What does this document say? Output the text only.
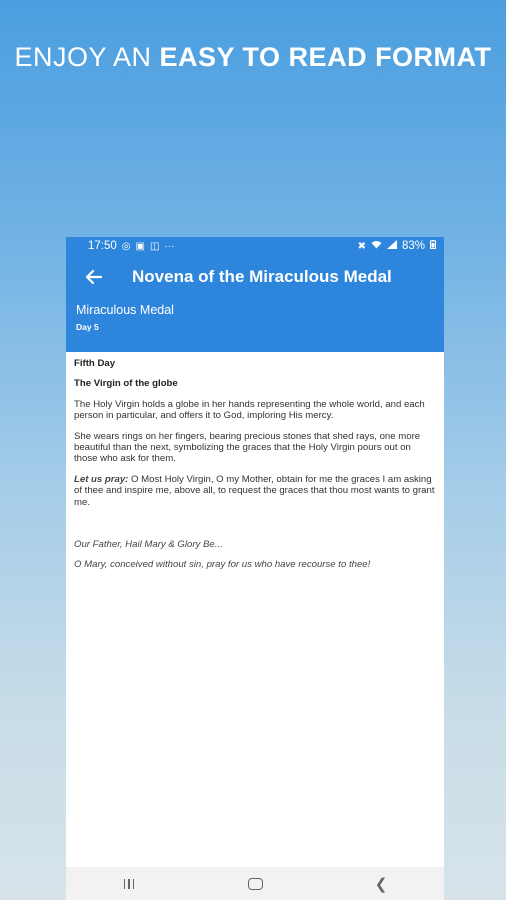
ENJOY AN EASY TO READ FORMAT
17:50 ◎ ▣ ◫ ···	✖	83%
Novena of the Miraculous Medal
Miraculous Medal
Day 5

Fifth Day

The Virgin of the globe

The Holy Virgin holds a globe in her hands representing the whole world, and each person in particular, and offers it to God, imploring His mercy.

She wears rings on her fingers, bearing precious stones that shed rays, one more beautiful than the next, symbolizing the graces that the Holy Virgin pours out on those who ask for them.

Let us pray: O Most Holy Virgin, O my Mother, obtain for me the graces I am asking of thee and inspire me, above all, to request the graces that thou most wants to grant me.

Our Father, Hail Mary & Glory Be...

O Mary, conceived without sin, pray for us who have recourse to thee!

❮
